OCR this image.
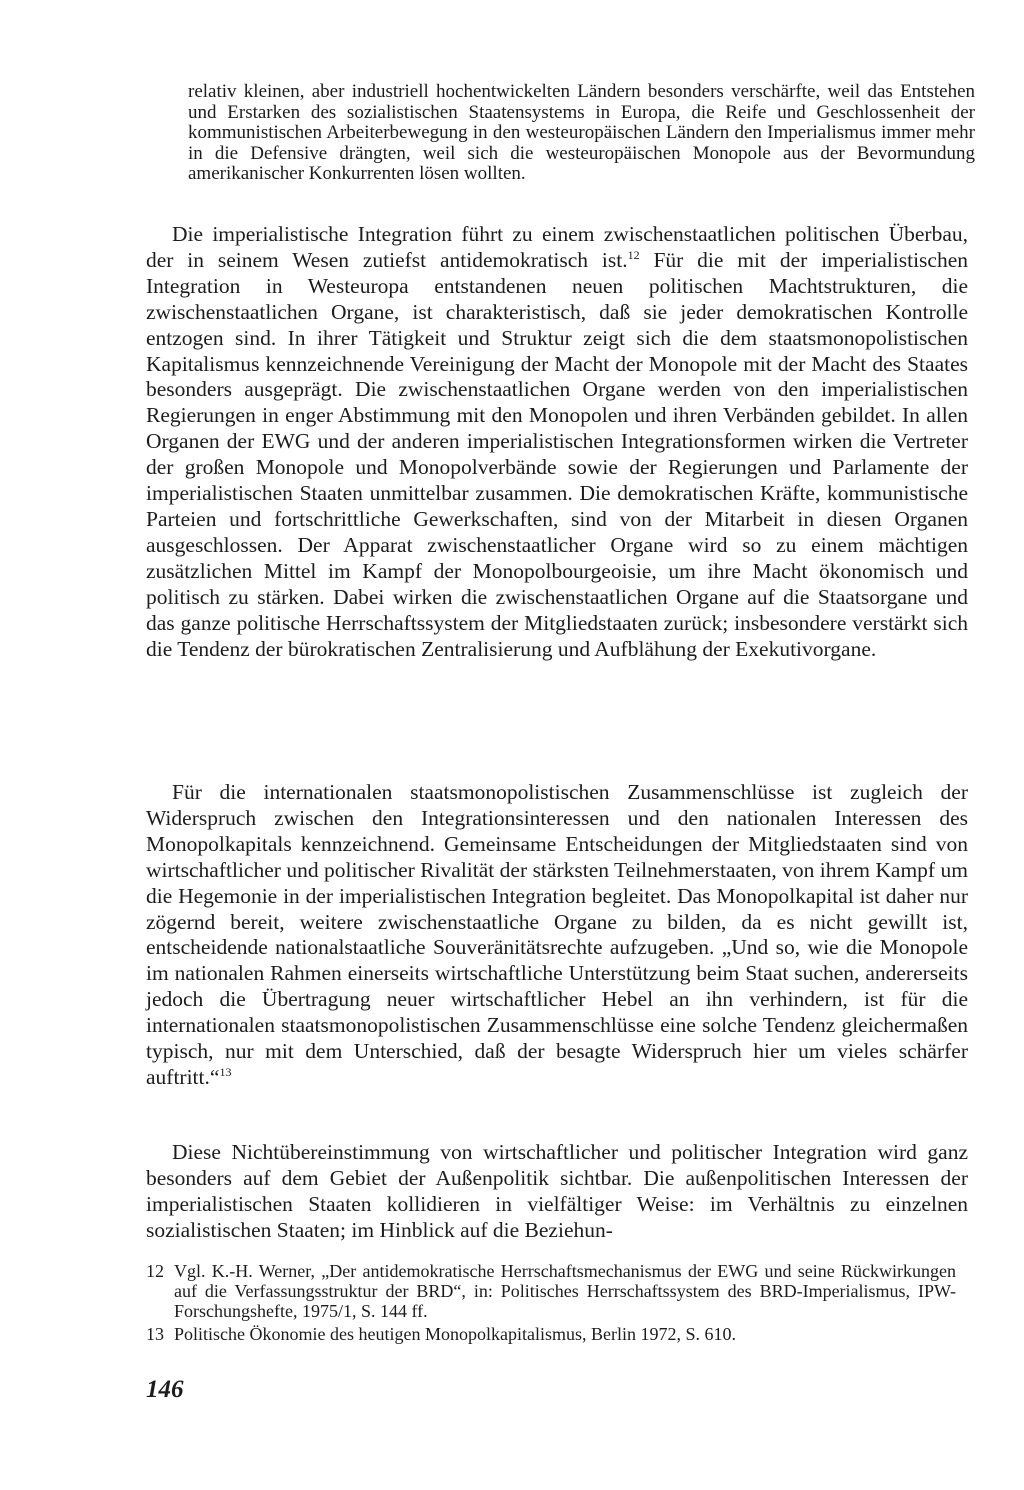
relativ kleinen, aber industriell hochentwickelten Ländern besonders verschärfte, weil das Entstehen und Erstarken des sozialistischen Staatensystems in Europa, die Reife und Geschlossenheit der kommunistischen Arbeiterbewegung in den westeuropäischen Ländern den Imperialismus immer mehr in die Defensive drängten, weil sich die westeuropäischen Monopole aus der Bevormundung amerikanischer Konkurrenten lösen wollten.

Die imperialistische Integration führt zu einem zwischenstaatlichen politischen Überbau, der in seinem Wesen zutiefst antidemokratisch ist.$^{12}$ Für die mit der imperialistischen Integration in Westeuropa entstandenen neuen politischen Machtstrukturen, die zwischenstaatlichen Organe, ist charakteristisch, daß sie jeder demokratischen Kontrolle entzogen sind. In ihrer Tätigkeit und Struktur zeigt sich die dem staatsmonopolistischen Kapitalismus kennzeichnende Vereinigung der Macht der Monopole mit der Macht des Staates besonders ausgeprägt. Die zwischenstaatlichen Organe werden von den imperialistischen Regierungen in enger Abstimmung mit den Monopolen und ihren Verbänden gebildet. In allen Organen der EWG und der anderen imperialistischen Integrationsformen wirken die Vertreter der großen Monopole und Monopolverbände sowie der Regierungen und Parlamente der imperialistischen Staaten unmittelbar zusammen. Die demokratischen Kräfte, kommunistische Parteien und fortschrittliche Gewerkschaften, sind von der Mitarbeit in diesen Organen ausgeschlossen. Der Apparat zwischenstaatlicher Organe wird so zu einem mächtigen zusätzlichen Mittel im Kampf der Monopolbourgeoisie, um ihre Macht ökonomisch und politisch zu stärken. Dabei wirken die zwischenstaatlichen Organe auf die Staatsorgane und das ganze politische Herrschaftssystem der Mitgliedstaaten zurück; insbesondere verstärkt sich die Tendenz der bürokratischen Zentralisierung und Aufblähung der Exekutivorgane.

Für die internationalen staatsmonopolistischen Zusammenschlüsse ist zugleich der Widerspruch zwischen den Integrationsinteressen und den nationalen Interessen des Monopolkapitals kennzeichnend. Gemeinsame Entscheidungen der Mitgliedstaaten sind von wirtschaftlicher und politischer Rivalität der stärksten Teilnehmerstaaten, von ihrem Kampf um die Hegemonie in der imperialistischen Integration begleitet. Das Monopolkapital ist daher nur zögernd bereit, weitere zwischenstaatliche Organe zu bilden, da es nicht gewillt ist, entscheidende nationalstaatliche Souveränitätsrechte aufzugeben. „Und so, wie die Monopole im nationalen Rahmen einerseits wirtschaftliche Unterstützung beim Staat suchen, andererseits jedoch die Übertragung neuer wirtschaftlicher Hebel an ihn verhindern, ist für die internationalen staatsmonopolistischen Zusammenschlüsse eine solche Tendenz gleichermaßen typisch, nur mit dem Unterschied, daß der besagte Widerspruch hier um vieles schärfer auftritt.“$^{13}$

Diese Nichtübereinstimmung von wirtschaftlicher und politischer Integration wird ganz besonders auf dem Gebiet der Außenpolitik sichtbar. Die außenpolitischen Interessen der imperialistischen Staaten kollidieren in vielfältiger Weise: im Verhältnis zu einzelnen sozialistischen Staaten; im Hinblick auf die Beziehun-

12 Vgl. K.-H. Werner, „Der antidemokratische Herrschaftsmechanismus der EWG und seine Rückwirkungen auf die Verfassungsstruktur der BRD“, in: Politisches Herrschaftssystem des BRD-Imperialismus, IPW-Forschungshefte, 1975/1, S. 144 ff.
13 Politische Ökonomie des heutigen Monopolkapitalismus, Berlin 1972, S. 610.
146
